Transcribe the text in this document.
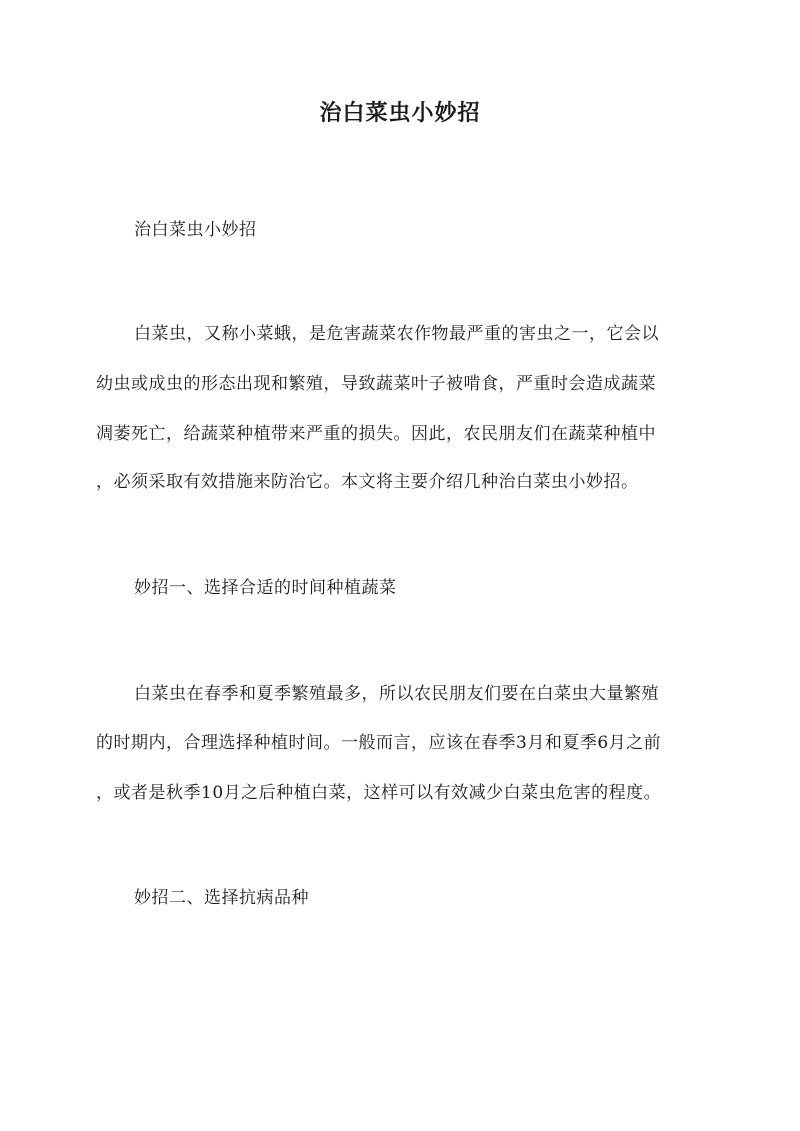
治白菜虫小妙招

治白菜虫小妙招

白菜虫，又称小菜蛾，是危害蔬菜农作物最严重的害虫之一，它会以

幼虫或成虫的形态出现和繁殖，导致蔬菜叶子被啃食，严重时会造成蔬菜

凋萎死亡，给蔬菜种植带来严重的损失。因此，农民朋友们在蔬菜种植中

，必须采取有效措施来防治它。本文将主要介绍几种治白菜虫小妙招。

妙招一、选择合适的时间种植蔬菜

白菜虫在春季和夏季繁殖最多，所以农民朋友们要在白菜虫大量繁殖

的时期内，合理选择种植时间。一般而言，应该在春季3月和夏季6月之前

，或者是秋季10月之后种植白菜，这样可以有效减少白菜虫危害的程度。

妙招二、选择抗病品种
